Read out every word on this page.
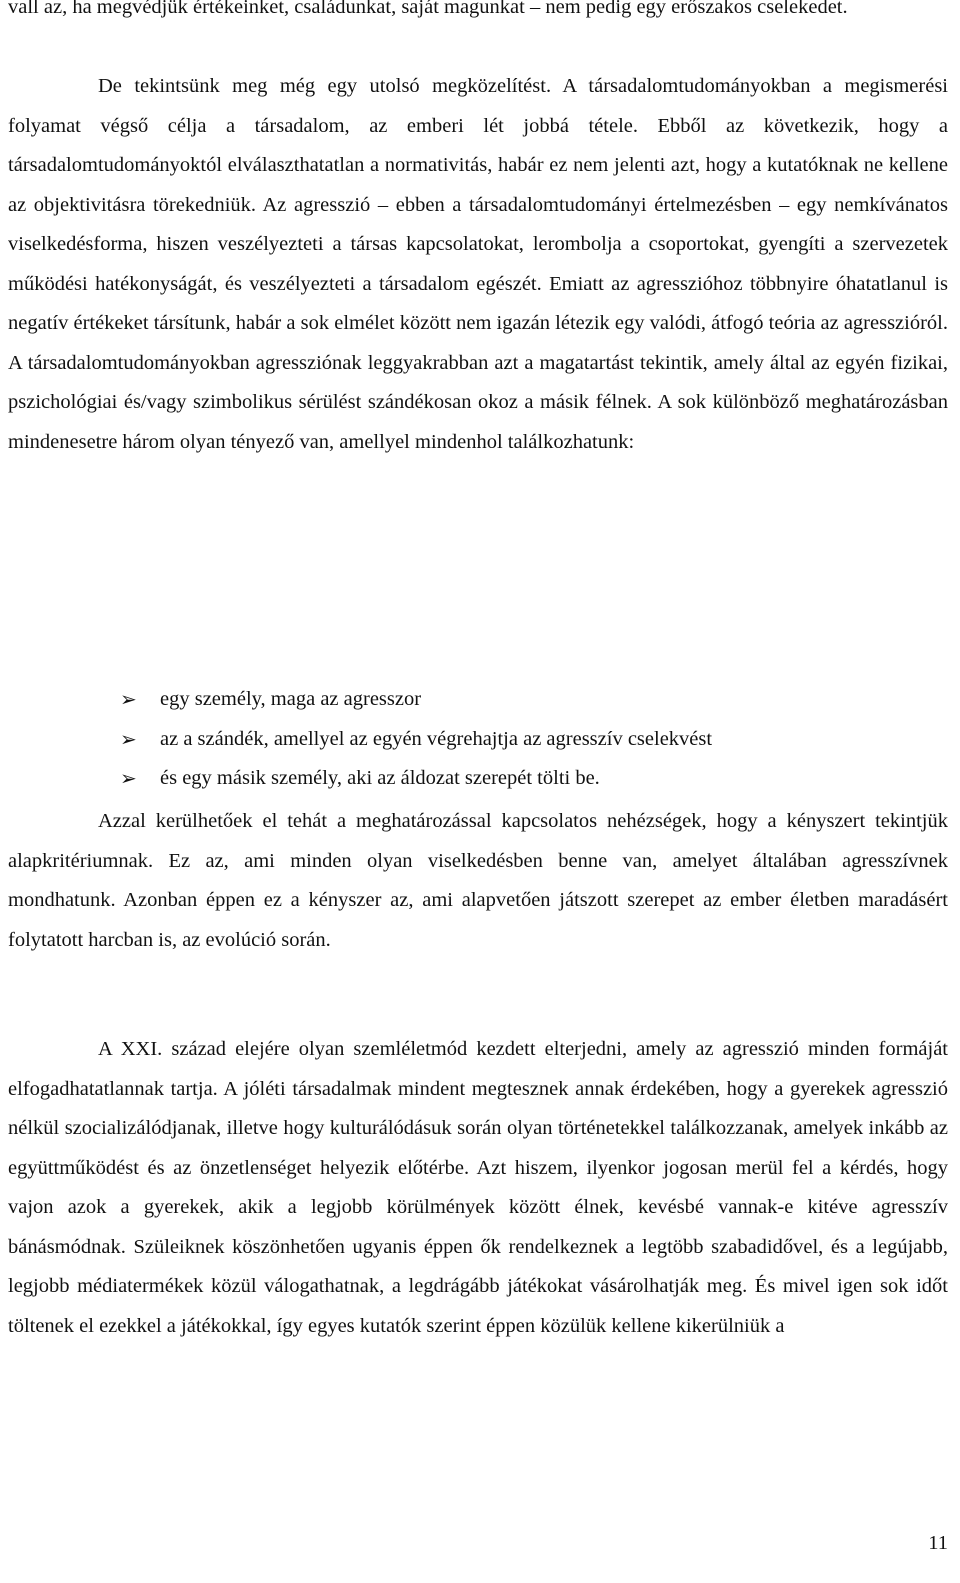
vall az, ha megvédjük értékeinket, családunkat, saját magunkat – nem pedig egy erőszakos cselekedet.

De tekintsünk meg még egy utolsó megközelítést. A társadalomtudományokban a megismerési folyamat végső célja a társadalom, az emberi lét jobbá tétele. Ebből az következik, hogy a társadalomtudományoktól elválaszthatatlan a normativitás, habár ez nem jelenti azt, hogy a kutatóknak ne kellene az objektivitásra törekedniük. Az agresszió – ebben a társadalomtudományi értelmezésben – egy nemkívánatos viselkedésforma, hiszen veszélyezteti a társas kapcsolatokat, lerombolja a csoportokat, gyengíti a szervezetek működési hatékonyságát, és veszélyezteti a társadalom egészét. Emiatt az agresszióhoz többnyire óhatatlanul is negatív értékeket társítunk, habár a sok elmélet között nem igazán létezik egy valódi, átfogó teória az agresszióról. A társadalomtudományokban agressziónak leggyakrabban azt a magatartást tekintik, amely által az egyén fizikai, pszichológiai és/vagy szimbolikus sérülést szándékosan okoz a másik félnek. A sok különböző meghatározásban mindenesetre három olyan tényező van, amellyel mindenhol találkozhatunk:

➢ egy személy, maga az agresszor
➢ az a szándék, amellyel az egyén végrehajtja az agresszív cselekvést
➢ és egy másik személy, aki az áldozat szerepét tölti be.

Azzal kerülhetőek el tehát a meghatározással kapcsolatos nehézségek, hogy a kényszert tekintjük alapkritériumnak. Ez az, ami minden olyan viselkedésben benne van, amelyet általában agresszívnek mondhatunk. Azonban éppen ez a kényszer az, ami alapvetően játszott szerepet az ember életben maradásért folytatott harcban is, az evolúció során.

A XXI. század elejére olyan szemléletmód kezdett elterjedni, amely az agresszió minden formáját elfogadhatatlannak tartja. A jóléti társadalmak mindent megtesznek annak érdekében, hogy a gyerekek agresszió nélkül szocializálódjanak, illetve hogy kulturálódásuk során olyan történetekkel találkozzanak, amelyek inkább az együttműködést és az önzetlenséget helyezik előtérbe. Azt hiszem, ilyenkor jogosan merül fel a kérdés, hogy vajon azok a gyerekek, akik a legjobb körülmények között élnek, kevésbé vannak-e kitéve agresszív bánásmódnak. Szüleiknek köszönhetően ugyanis éppen ők rendelkeznek a legtöbb szabadidővel, és a legújabb, legjobb médiatermékek közül válogathatnak, a legdrágább játékokat vásárolhatják meg. És mivel igen sok időt töltenek el ezekkel a játékokkal, így egyes kutatók szerint éppen közülük kellene kikerülniük a

11
